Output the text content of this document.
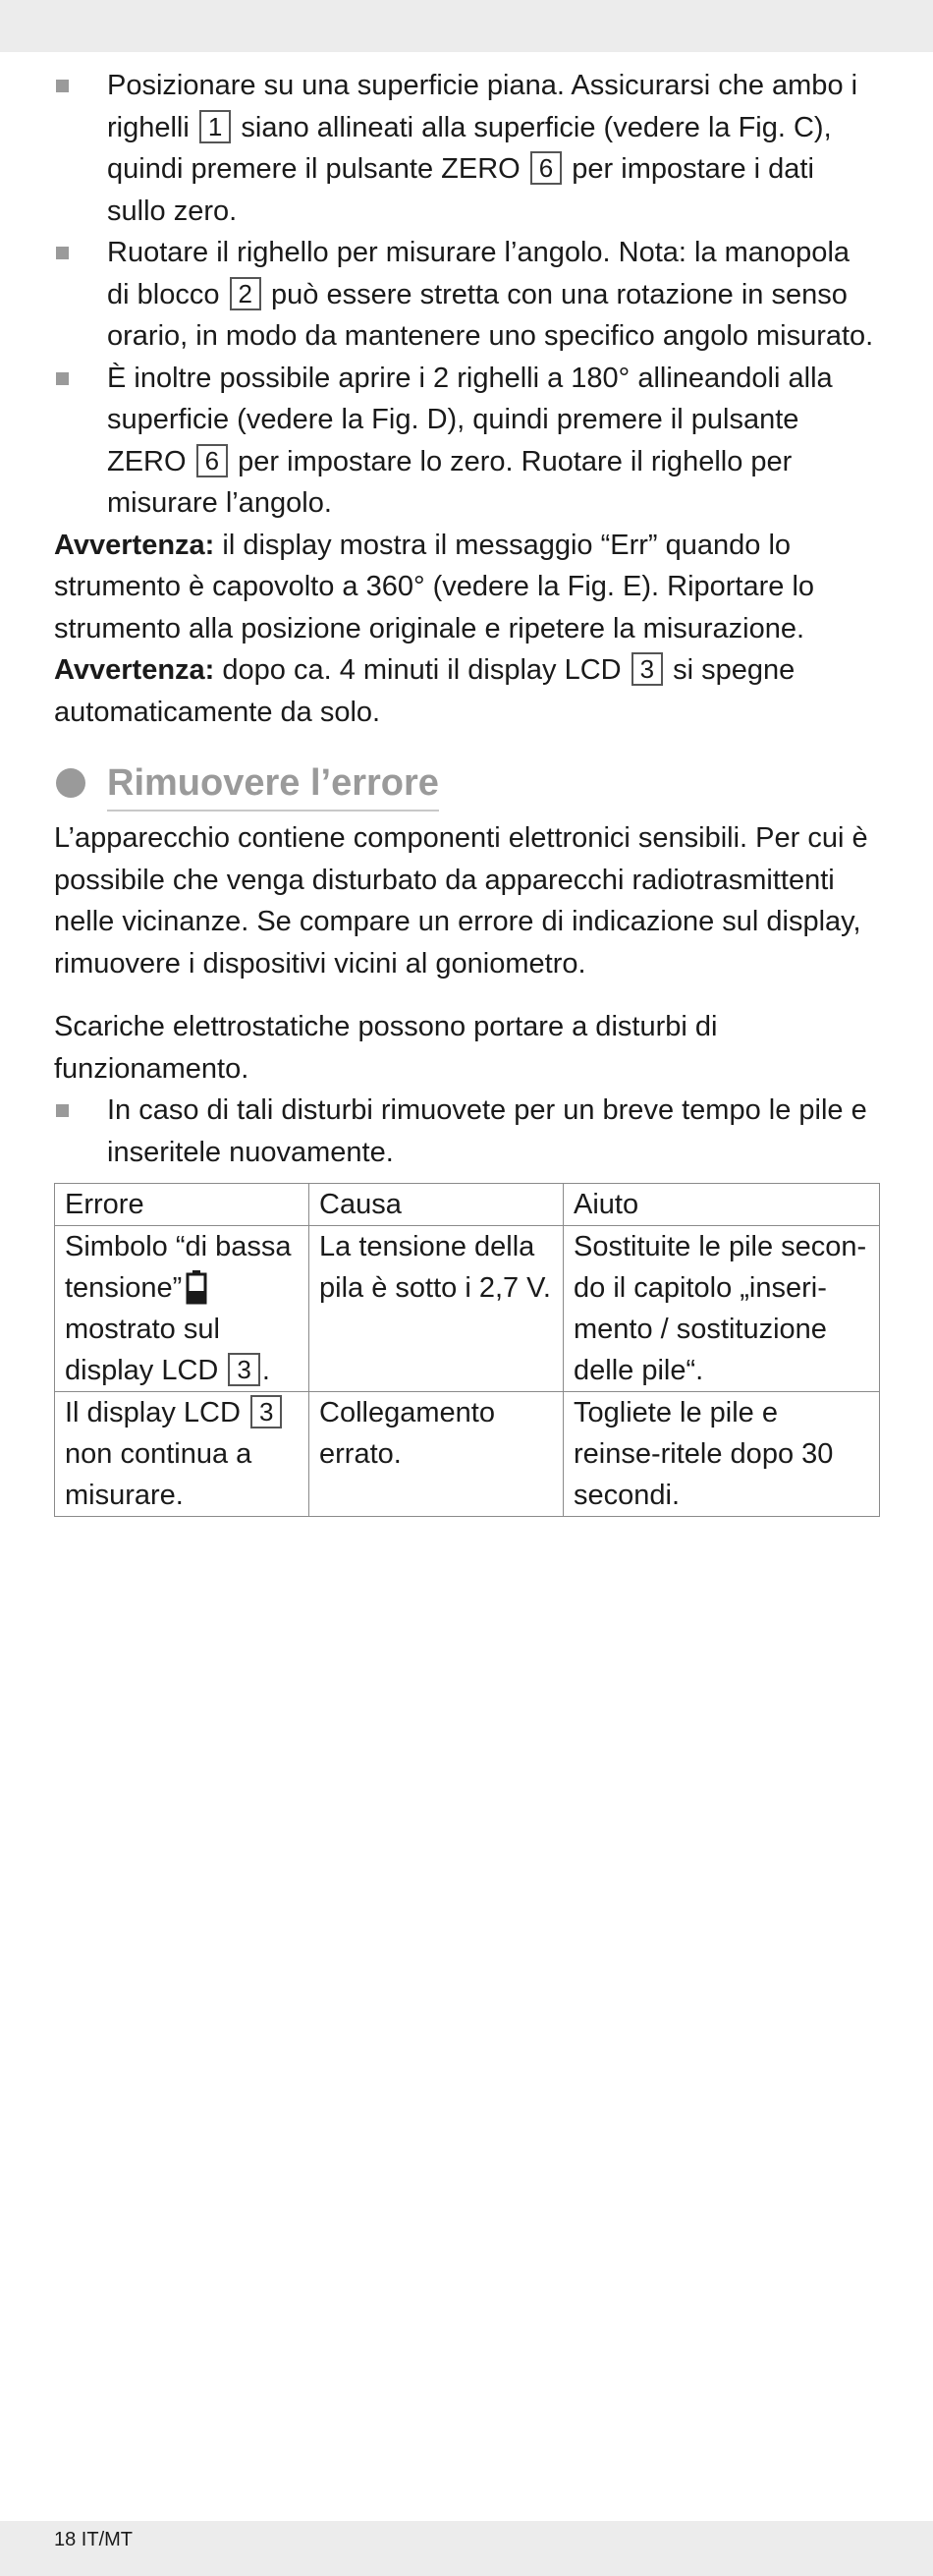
Posizionare su una superficie piana. Assicurarsi che ambo i righelli 1 siano allineati alla superficie (vedere la Fig. C), quindi premere il pulsante ZERO 6 per impostare i dati sullo zero.
Ruotare il righello per misurare l’angolo. Nota: la manopola di blocco 2 può essere stretta con una rotazione in senso orario, in modo da mantenere uno specifico angolo misurato.
È inoltre possibile aprire i 2 righelli a 180° allineandoli alla superficie (vedere la Fig. D), quindi premere il pulsante ZERO 6 per impostare lo zero. Ruotare il righello per misurare l’angolo.

Avvertenza: il display mostra il messaggio “Err” quando lo strumento è capovolto a 360° (vedere la Fig. E). Riportare lo strumento alla posizione originale e ripetere la misurazione.

Avvertenza: dopo ca. 4 minuti il display LCD 3 si spegne automaticamente da solo.

Rimuovere l’errore

L’apparecchio contiene componenti elettronici sensibili. Per cui è possibile che venga disturbato da apparecchi radiotrasmittenti nelle vicinanze. Se compare un errore di indicazione sul display, rimuovere i dispositivi vicini al goniometro.

Scariche elettrostatiche possono portare a disturbi di funzionamento.

In caso di tali disturbi rimuovete per un breve tempo le pile e inseritele nuovamente.
Errore	Causa	Aiuto
Simbolo “di bassa tensione” mostrato sul display LCD 3 .	La tensione della pila è sotto i 2,7 V.	Sostituite le pile secon-do il capitolo „inseri-mento / sostituzione delle pile“.
Il display LCD 3 non continua a misurare.	Collegamento errato.	Togliete le pile e reinse-ritele dopo 30 secondi.
18 IT/MT
